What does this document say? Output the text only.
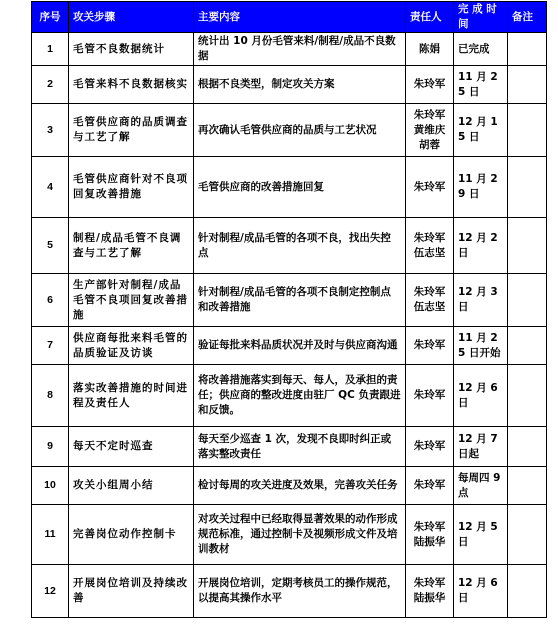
序号	攻关步骤	主要内容	责任人	完 成 时 间	备注
1	毛管不良数据统计	统计出 10 月份毛管来料/制程/成品不良数据	陈娟	已完成	
2	毛管来料不良数据核实	根据不良类型，制定攻关方案	朱玲军	11 月 25 日	
3	毛管供应商的品质调查与工艺了解	再次确认毛管供应商的品质与工艺状况	朱玲军 黄维庆 胡蓉	12 月 15 日	
4	毛管供应商针对不良项回复改善措施	毛管供应商的改善措施回复	朱玲军	11 月 29 日	
5	制程/成品毛管不良调查与工艺了解	针对制程/成品毛管的各项不良，找出失控点	朱玲军 伍志坚	12 月 2 日	
6	生产部针对制程/成品毛管不良项回复改善措施	针对制程/成品毛管的各项不良制定控制点和改善措施	朱玲军 伍志坚	12 月 3 日	
7	供应商每批来料毛管的品质验证及访谈	验证每批来料品质状况并及时与供应商沟通	朱玲军	11 月 25 日开始	
8	落实改善措施的时间进程及责任人	将改善措施落实到每天、每人，及承担的责任；供应商的整改进度由驻厂 QC 负责跟进和反馈。	朱玲军	12 月 6 日	
9	每天不定时巡查	每天至少巡查 1 次，发现不良即时纠正或落实整改责任	朱玲军	12 月 7 日起	
10	攻关小组周小结	检讨每周的攻关进度及效果，完善攻关任务	朱玲军	每周四 9 点	
11	完善岗位动作控制卡	对攻关过程中已经取得显著效果的动作形成规范标准，通过控制卡及视频形成文件及培训教材	朱玲军 陆振华	12 月 5 日	
12	开展岗位培训及持续改善	开展岗位培训，定期考核员工的操作规范，以提高其操作水平	朱玲军 陆振华	12 月 6 日	
